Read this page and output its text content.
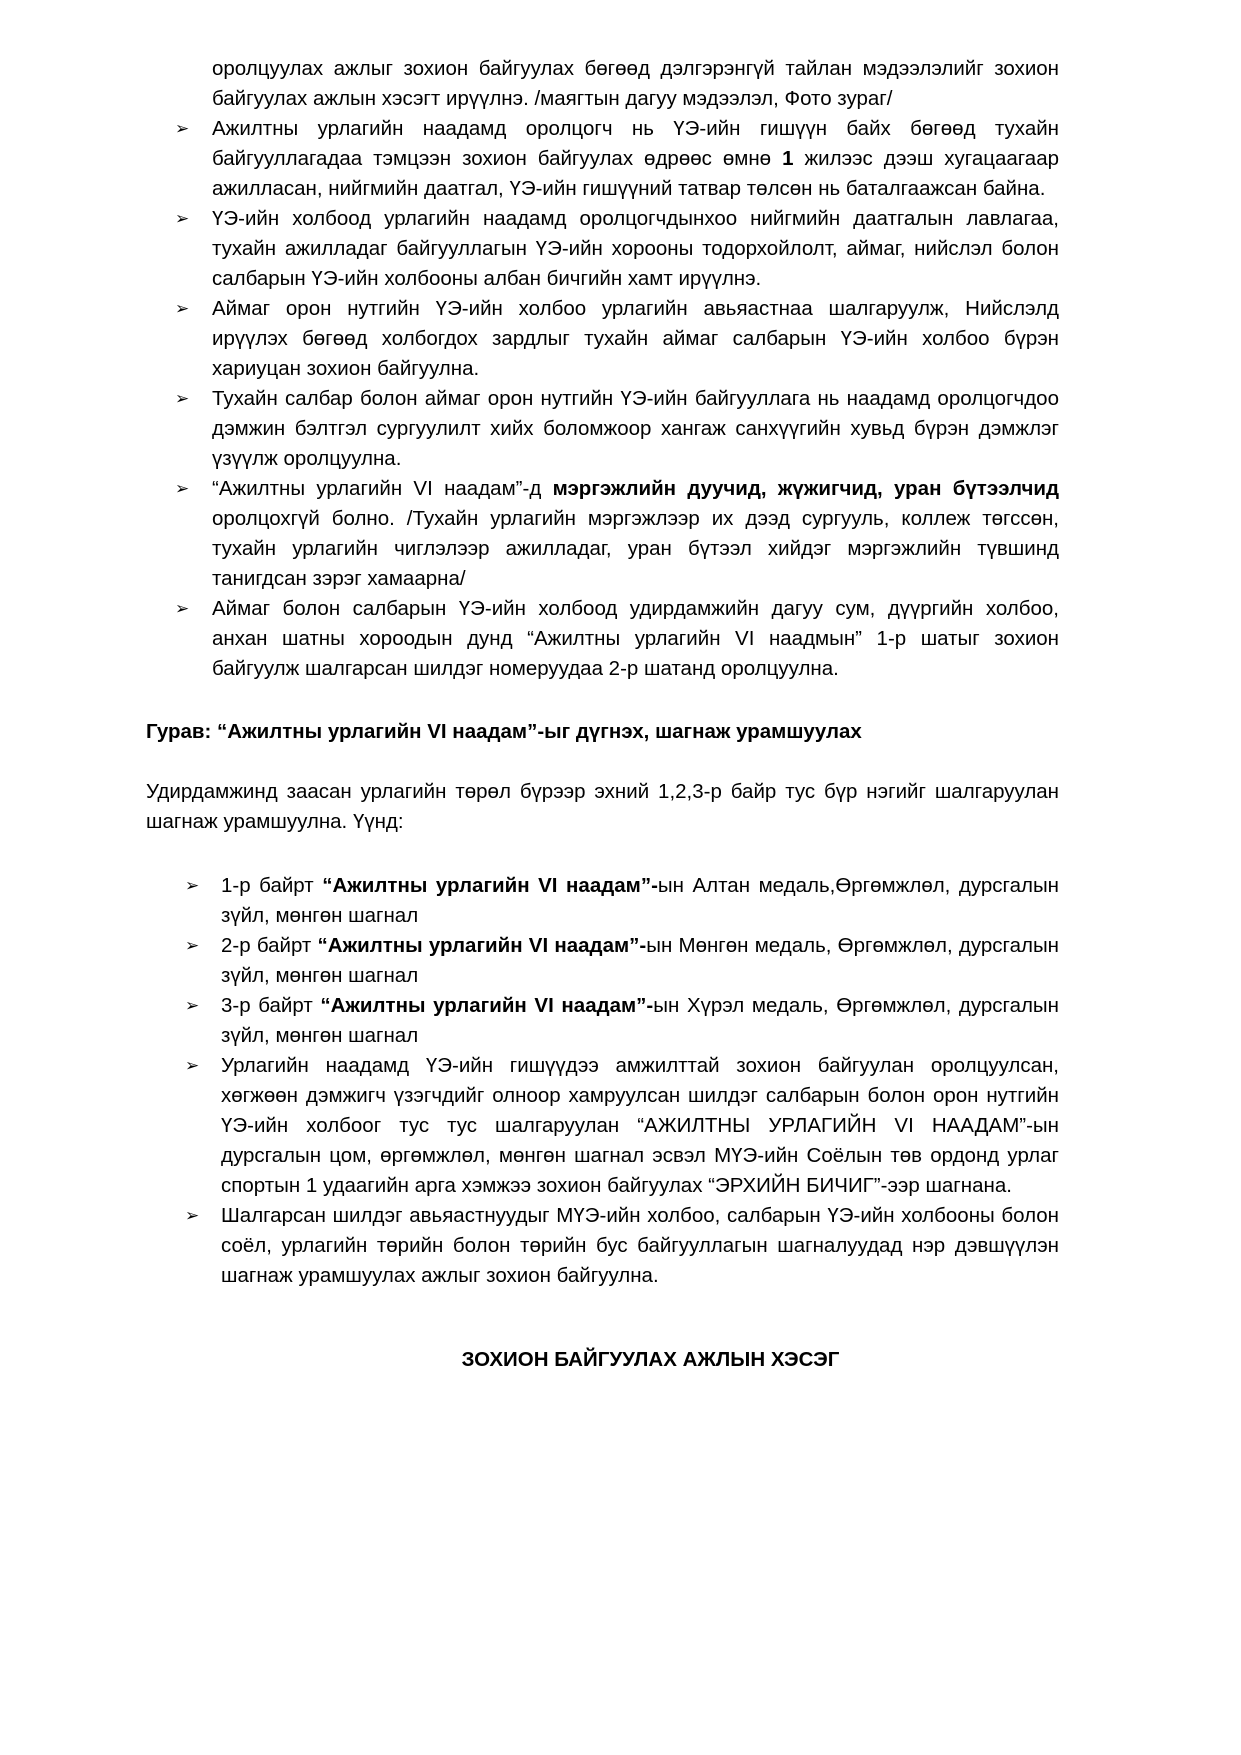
оролцуулах ажлыг зохион байгуулах бөгөөд дэлгэрэнгүй тайлан мэдээлэлийг зохион байгуулах ажлын хэсэгт ирүүлнэ. /маягтын дагуу мэдээлэл, Фото зураг/

➢ Ажилтны урлагийн наадамд оролцогч нь ҮЭ-ийн гишүүн байх бөгөөд тухайн байгууллагадаа тэмцээн зохион байгуулах өдрөөс өмнө 1 жилээс дээш хугацаагаар ажилласан, нийгмийн даатгал, ҮЭ-ийн гишүүний татвар төлсөн нь баталгаажсан байна.

➢ ҮЭ-ийн холбоод урлагийн наадамд оролцогчдынхоо нийгмийн даатгалын лавлагаа, тухайн ажилладаг байгууллагын ҮЭ-ийн хорооны тодорхойлолт, аймаг, нийслэл болон салбарын ҮЭ-ийн холбооны албан бичгийн хамт ирүүлнэ.

➢ Аймаг орон нутгийн ҮЭ-ийн холбоо урлагийн авьяастнаа шалгаруулж, Нийслэлд ирүүлэх бөгөөд холбогдох зардлыг тухайн аймаг салбарын ҮЭ-ийн холбоо бүрэн хариуцан зохион байгуулна.

➢ Тухайн салбар болон аймаг орон нутгийн ҮЭ-ийн байгууллага нь наадамд оролцогчдоо дэмжин бэлтгэл сургуулилт хийх боломжоор хангаж санхүүгийн хувьд бүрэн дэмжлэг үзүүлж оролцуулна.

➢ “Ажилтны урлагийн VI наадам”-д мэргэжлийн дуучид, жүжигчид, уран бүтээлчид оролцохгүй болно. /Тухайн урлагийн мэргэжлээр их дээд сургууль, коллеж төгссөн, тухайн урлагийн чиглэлээр ажилладаг, уран бүтээл хийдэг мэргэжлийн түвшинд танигдсан зэрэг хамаарна/

➢ Аймаг болон салбарын ҮЭ-ийн холбоод удирдамжийн дагуу сум, дүүргийн холбоо, анхан шатны хороодын дунд “Ажилтны урлагийн VI наадмын” 1-р шатыг зохион байгуулж шалгарсан шилдэг номеруудаа 2-р шатанд оролцуулна.

Гурав: “Ажилтны урлагийн VI наадам”-ыг дүгнэх, шагнаж урамшуулах

Удирдамжинд заасан урлагийн төрөл бүрээр эхний 1,2,3-р байр тус бүр нэгийг шалгаруулан шагнаж урамшуулна. Үүнд:

➢ 1-р байрт “Ажилтны урлагийн VI наадам”-ын Алтан медаль,Өргөмжлөл, дурсгалын зүйл, мөнгөн шагнал

➢ 2-р байрт “Ажилтны урлагийн VI наадам”-ын Мөнгөн медаль, Өргөмжлөл, дурсгалын зүйл, мөнгөн шагнал

➢ 3-р байрт “Ажилтны урлагийн VI наадам”-ын Хүрэл медаль, Өргөмжлөл, дурсгалын зүйл, мөнгөн шагнал

➢ Урлагийн наадамд ҮЭ-ийн гишүүдээ амжилттай зохион байгуулан оролцуулсан, хөгжөөн дэмжигч үзэгчдийг олноор хамруулсан шилдэг салбарын болон орон нутгийн ҮЭ-ийн холбоог тус тус шалгаруулан “АЖИЛТНЫ УРЛАГИЙН VI НААДАМ”-ын дурсгалын цом, өргөмжлөл, мөнгөн шагнал эсвэл МҮЭ-ийн Соёлын төв ордонд урлаг спортын 1 удаагийн арга хэмжээ зохион байгуулах “ЭРХИЙН БИЧИГ”-ээр шагнана.

➢ Шалгарсан шилдэг авьяастнуудыг МҮЭ-ийн холбоо, салбарын ҮЭ-ийн холбооны болон соёл, урлагийн төрийн болон төрийн бус байгууллагын шагналуудад нэр дэвшүүлэн шагнаж урамшуулах ажлыг зохион байгуулна.

ЗОХИОН БАЙГУУЛАХ АЖЛЫН ХЭСЭГ
